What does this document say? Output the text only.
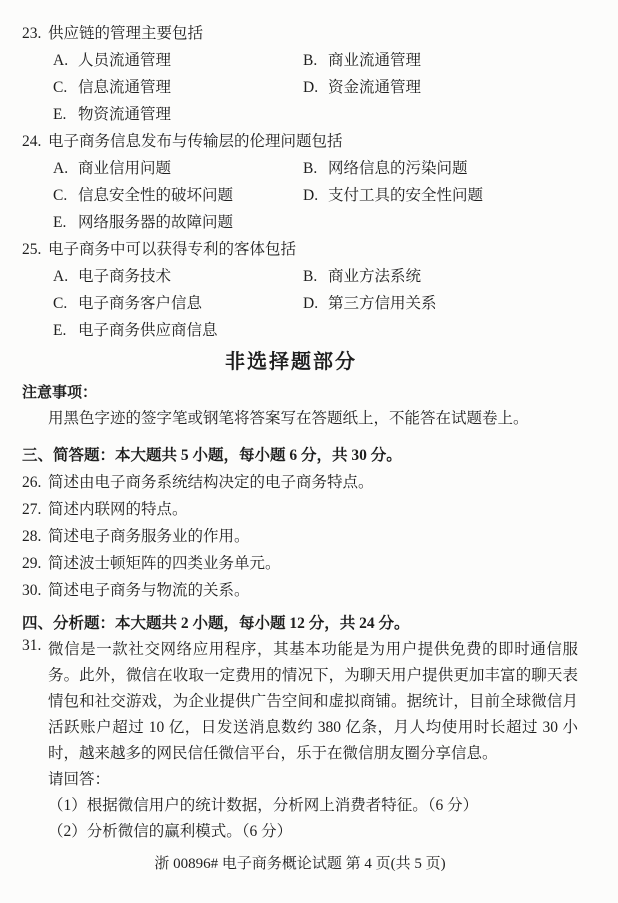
23. 供应链的管理主要包括
A. 人员流通管理	B. 商业流通管理
C. 信息流通管理	D. 资金流通管理
E. 物资流通管理
24. 电子商务信息发布与传输层的伦理问题包括
A. 商业信用问题	B. 网络信息的污染问题
C. 信息安全性的破坏问题	D. 支付工具的安全性问题
E. 网络服务器的故障问题
25. 电子商务中可以获得专利的客体包括
A. 电子商务技术	B. 商业方法系统
C. 电子商务客户信息	D. 第三方信用关系
E. 电子商务供应商信息
非选择题部分
注意事项：
用黑色字迹的签字笔或钢笔将答案写在答题纸上，不能答在试题卷上。
三、简答题：本大题共 5 小题，每小题 6 分，共 30 分。
26. 简述由电子商务系统结构决定的电子商务特点。
27. 简述内联网的特点。
28. 简述电子商务服务业的作用。
29. 简述波士顿矩阵的四类业务单元。
30. 简述电子商务与物流的关系。
四、分析题：本大题共 2 小题，每小题 12 分，共 24 分。
31. 微信是一款社交网络应用程序，其基本功能是为用户提供免费的即时通信服务。此外，微信在收取一定费用的情况下，为聊天用户提供更加丰富的聊天表情包和社交游戏，为企业提供广告空间和虚拟商铺。据统计，目前全球微信月活跃账户超过 10 亿，日发送消息数约 380 亿条，月人均使用时长超过 30 小时，越来越多的网民信任微信平台，乐于在微信朋友圈分享信息。
请回答：
（1）根据微信用户的统计数据，分析网上消费者特征。（6 分）
（2）分析微信的赢利模式。（6 分）
浙 00896# 电子商务概论试题 第 4 页(共 5 页)
